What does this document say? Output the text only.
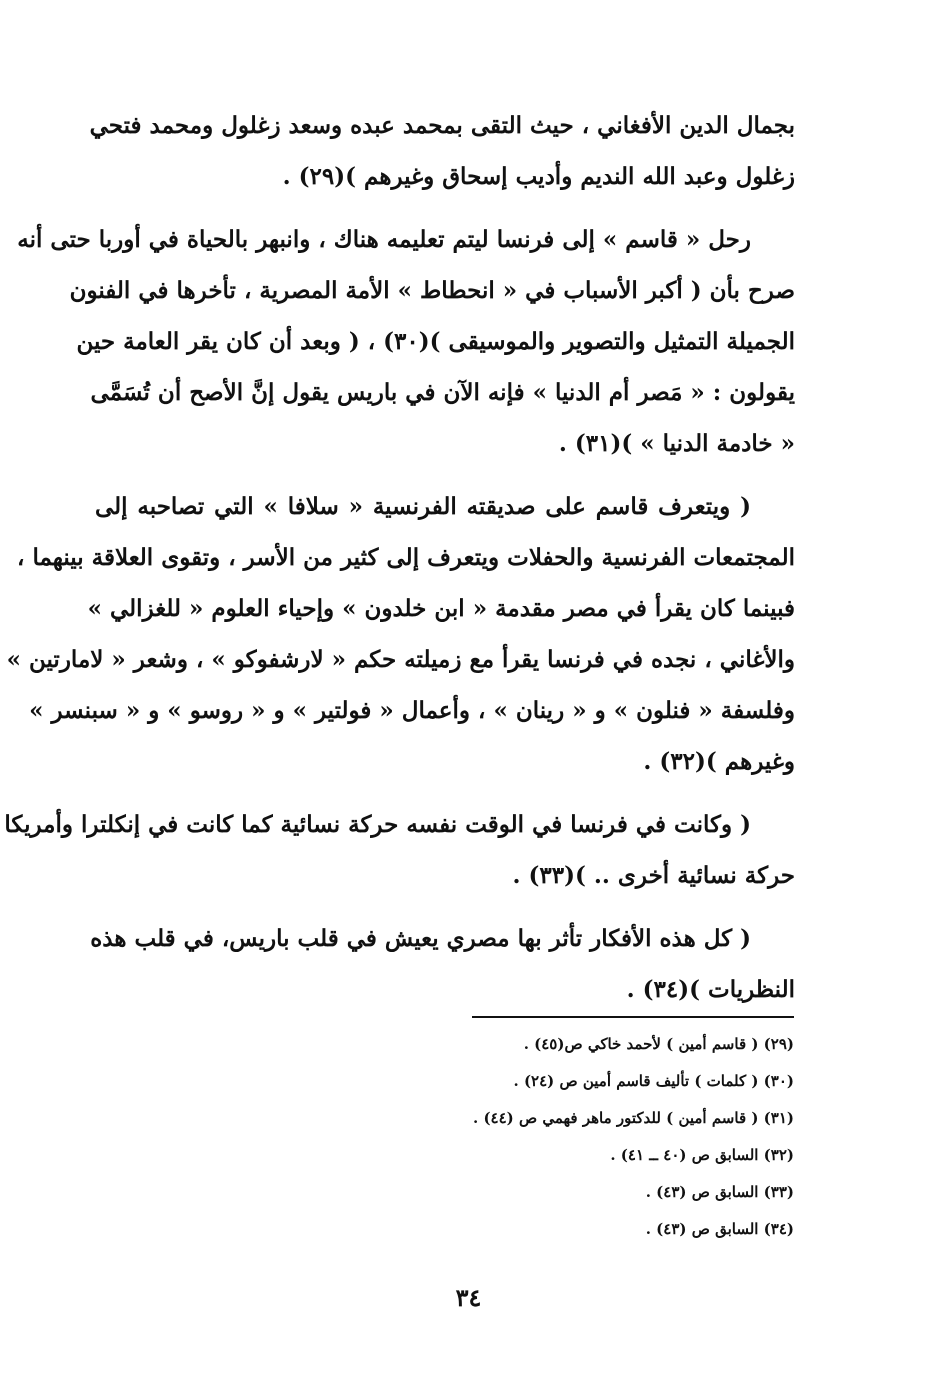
بجمال الدين الأفغاني ، حيث التقى بمحمد عبده وسعد زغلول ومحمد فتحي
زغلول وعبد الله النديم وأديب إسحاق وغيرهم )(٢٩) .

رحل « قاسم » إلى فرنسا ليتم تعليمه هناك ، وانبهر بالحياة في أوربا حتى أنه
صرح بأن ( أكبر الأسباب في « انحطاط » الأمة المصرية ، تأخرها في الفنون
الجميلة التمثيل والتصوير والموسيقى )(٣٠) ، ( وبعد أن كان يقر العامة حين
يقولون : « مَصر أم الدنيا » فإنه الآن في باريس يقول إنَّ الأصح أن تُسَمَّى
« خادمة الدنيا » )(٣١) .

( ويتعرف قاسم على صديقته الفرنسية « سلافا » التي تصاحبه إلى
المجتمعات الفرنسية والحفلات ويتعرف إلى كثير من الأسر ، وتقوى العلاقة بينهما ،
فبينما كان يقرأ في مصر مقدمة « ابن خلدون » وإحياء العلوم « للغزالي »
والأغاني ، نجده في فرنسا يقرأ مع زميلته حكم « لارشفوكو » ، وشعر « لامارتين »
وفلسفة « فنلون » و « رينان » ، وأعمال « فولتير » و « روسو » و « سبنسر »
وغيرهم )(٣٢) .

( وكانت في فرنسا في الوقت نفسه حركة نسائية كما كانت في إنكلترا وأمريكا
حركة نسائية أخرى .. )(٣٣) .

( كل هذه الأفكار تأثر بها مصري يعيش في قلب باريس، في قلب هذه
النظريات )(٣٤) .

(٢٩) ( قاسم أمين ) لأحمد خاكي ص(٤٥) .
(٣٠) ( كلمات ) تأليف قاسم أمين ص (٢٤) .
(٣١) ( قاسم أمين ) للدكتور ماهر فهمي ص (٤٤) .
(٣٢) السابق ص (٤٠ ــ ٤١) .
(٣٣) السابق ص (٤٣) .
(٣٤) السابق ص (٤٣) .
٣٤
